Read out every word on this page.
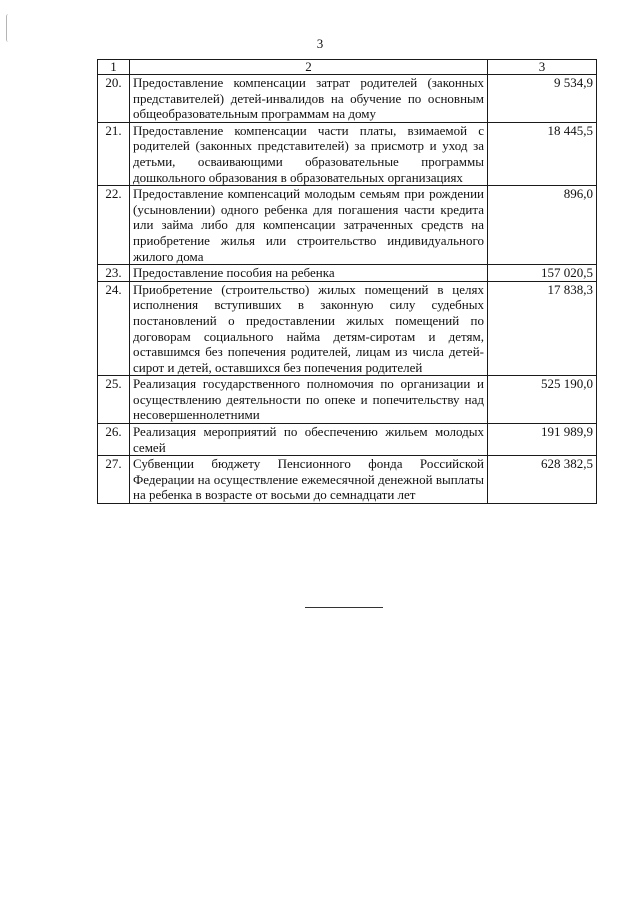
3
1	2	3
20.	Предоставление компенсации затрат родителей (законных представителей) детей-инвалидов на обучение по основным общеобразовательным программам на дому	9 534,9
21.	Предоставление компенсации части платы, взимаемой с родителей (законных представителей) за присмотр и уход за детьми, осваивающими образовательные программы дошкольного образования в образовательных организациях	18 445,5
22.	Предоставление компенсаций молодым семьям при рождении (усыновлении) одного ребенка для погашения части кредита или займа либо для компенсации затраченных средств на приобретение жилья или строительство индивидуального жилого дома	896,0
23.	Предоставление пособия на ребенка	157 020,5
24.	Приобретение (строительство) жилых помещений в целях исполнения вступивших в законную силу судебных постановлений о предоставлении жилых помещений по договорам социального найма детям-сиротам и детям, оставшимся без попечения родителей, лицам из числа детей-сирот и детей, оставшихся без попечения родителей	17 838,3
25.	Реализация государственного полномочия по организации и осуществлению деятельности по опеке и попечительству над несовершеннолетними	525 190,0
26.	Реализация мероприятий по обеспечению жильем молодых семей	191 989,9
27.	Субвенции бюджету Пенсионного фонда Российской Федерации на осуществление ежемесячной денежной выплаты на ребенка в возрасте от восьми до семнадцати лет	628 382,5
